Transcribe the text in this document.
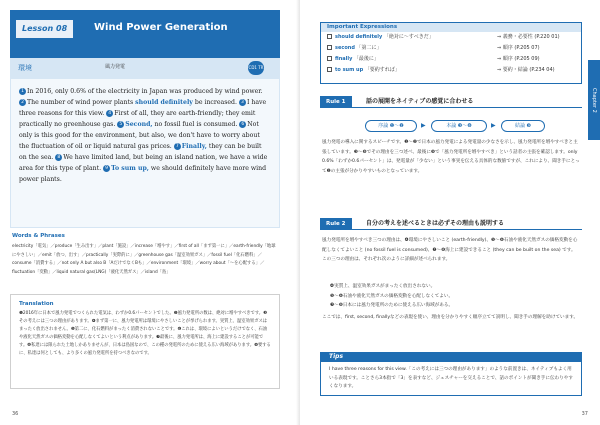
Lesson 08	Wind Power Generation
環境	風力発電	CD1 TR
1 In 2016, only 0.6% of the electricity in Japan was produced by wind power. 2 The number of wind power plants should definitely be increased. 3 I have three reasons for this view. 4 First of all, they are earth-friendly; they emit practically no greenhouse gas. 5 Second, no fossil fuel is consumed. 6 Not only is this good for the environment, but also, we don't have to worry about the fluctuation of oil or liquid natural gas prices. 7 Finally, they can be built on the sea. 8 We have limited land, but being an island nation, we have a wide area for this type of plant. 9 To sum up, we should definitely have more wind power plants.
Words & Phrases
electricity「電気」／produce「生み出す」／plant「施設」／increase「増やす」／first of all「まず第一に」／earth-friendly「地球にやさしい」／emit「放つ、出す」／practically「実際的に」／greenhouse gas「温室効果ガス」／fossil fuel「化石燃料」／consume「消費する」／not only A but also B「AだけでなくBも」／environment「環境」／worry about「～を心配する」／fluctuation「変動」／liquid natural gas(LNG)「液化天然ガス」／island「島」
Translation
❶2016年に日本で風力発電でつくられた電気は、わずか0.6パーセントでした。❷風力発電所の数は、絶対に増やすべきです。❸その考えには三つの理由があります。❹まず第一に、風力発電所は環境にやさしいことが挙げられます。実質上、温室効果ガスはまったく放出されません。❺第二に、化石燃料がまったく消費されないことです。❻これは、環境によいというだけでなく、石油や液化天然ガスの価格変動を心配しなくてよいという利点があります。❼最後に、風力発電所は、海上に建設することが可能です。❽私達には限られた土地しかありませんが、日本は島国なので、この種の発電所のために使える広い海域があります。❾要するに、私達は何としても、より多くの風力発電所を持つべきなのです。
36
Important Expressions
should definitely 「絶対に～すべきだ」	⇒ 義務・必要性 (P.220 01)
second 「第二に」	⇒ 順序 (P.205 07)
finally 「最後に」	⇒ 順序 (P.205 09)
to sum up 「要約すれば」	⇒ 要約・結論 (P.234 04)
Chapter 2
Rule 1	話の展開をネイティブの感覚に合わせる
序論 ❶～❷	▶	本論 ❸～❽	▶	結論 ❾
風力発電の導入に関するスピーチです。❶～❷で日本の風力発電による発電量の少なさを示し、風力発電所を増やすべきと主張しています。❸～❽でその理由を三つ述べ、最後に❾で「風力発電所を増やすべき」という話者の主張を確認します。only 0.6%「わずか0.6パーセント」は、発電量が「少ない」という事実を伝える具体的な数値ですが、これにより、聞き手にとって❷の主張が分かりやすいものとなっています。
Rule 2	自分の考えを述べるときは必ずその理由も説明する
風力発電所を増やすべき三つの理由は、❹環境にやさしいこと (earth-friendly)、❺～❻石油や液化天然ガスの価格変動を心配しなくてよいこと (no fossil fuel is consumed)、❼～❽海上に建設できること (they can be built on the sea) です。この三つの理由は、それぞれ次のように詳細が述べられます。
❹実質上、温室効果ガスがまったく放出されない。
❺～❻石油や液化天然ガスの価格変動を心配しなくてよい。
❼～❽日本には風力発電所のために使える広い海域がある。
ここでは、first, second, finallyなどの表現を使い、理由を分かりやすく順序立てて説明し、聞き手の理解を助けています。
Tips
I have three reasons for this view.「この考えには三つの理由があります」のような前置きは、ネイティブもよく用いる表現です。ことさら3本指で「3」を表すなど、ジェスチャーを交えることで、話のポイントが聞き手に伝わりやすくなります。
37
